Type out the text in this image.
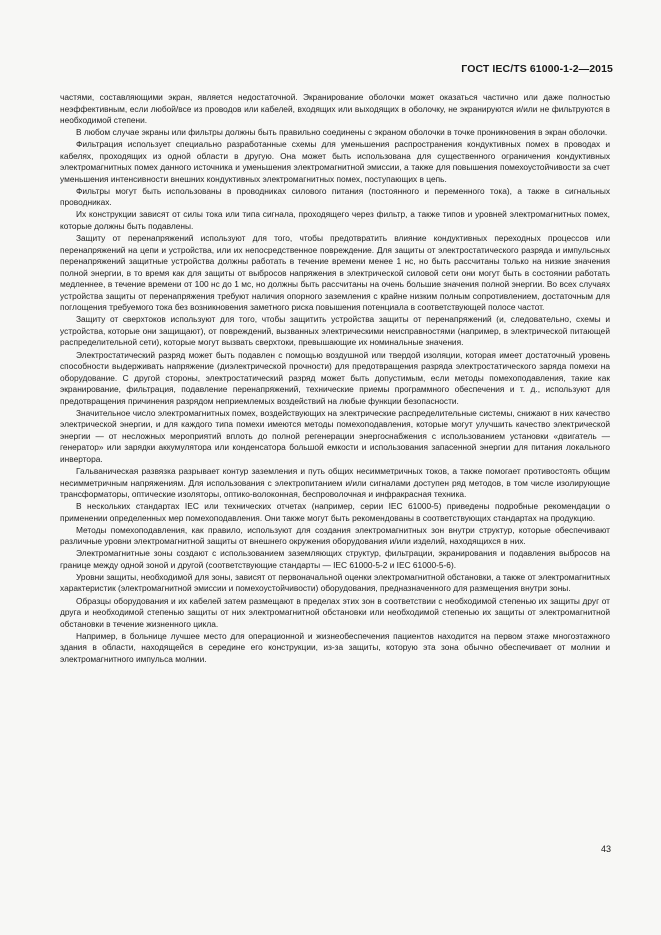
ГОСТ IEC/TS 61000-1-2—2015

частями, составляющими экран, является недостаточной. Экранирование оболочки может оказаться частично или даже полностью неэффективным, если любой/все из проводов или кабелей, входящих или выходящих в оболочку, не экранируются и/или не фильтруются в необходимой степени.

В любом случае экраны или фильтры должны быть правильно соединены с экраном оболочки в точке проникновения в экран оболочки.

Фильтрация использует специально разработанные схемы для уменьшения распространения кондуктивных помех в проводах и кабелях, проходящих из одной области в другую. Она может быть использована для существенного ограничения кондуктивных электромагнитных помех данного источника и уменьшения электромагнитной эмиссии, а также для повышения помехоустойчивости за счет уменьшения интенсивности внешних кондуктивных электромагнитных помех, поступающих в цепь.

Фильтры могут быть использованы в проводниках силового питания (постоянного и переменного тока), а также в сигнальных проводниках.

Их конструкции зависят от силы тока или типа сигнала, проходящего через фильтр, а также типов и уровней электромагнитных помех, которые должны быть подавлены.

Защиту от перенапряжений используют для того, чтобы предотвратить влияние кондуктивных переходных процессов или перенапряжений на цепи и устройства, или их непосредственное повреждение. Для защиты от электростатического разряда и импульсных перенапряжений защитные устройства должны работать в течение времени менее 1 нс, но быть рассчитаны только на низкие значения полной энергии, в то время как для защиты от выбросов напряжения в электрической силовой сети они могут быть в состоянии работать медленнее, в течение времени от 100 нс до 1 мс, но должны быть рассчитаны на очень большие значения полной энергии. Во всех случаях устройства защиты от перенапряжения требуют наличия опорного заземления с крайне низким полным сопротивлением, достаточным для поглощения требуемого тока без возникновения заметного риска повышения потенциала в соответствующей полосе частот.

Защиту от сверхтоков используют для того, чтобы защитить устройства защиты от перенапряжений (и, следовательно, схемы и устройства, которые они защищают), от повреждений, вызванных электрическими неисправностями (например, в электрической питающей распределительной сети), которые могут вызвать сверхтоки, превышающие их номинальные значения.

Электростатический разряд может быть подавлен с помощью воздушной или твердой изоляции, которая имеет достаточный уровень способности выдерживать напряжение (диэлектрической прочности) для предотвращения разряда электростатического заряда помехи на оборудование. С другой стороны, электростатический разряд может быть допустимым, если методы помехоподавления, такие как экранирование, фильтрация, подавление перенапряжений, технические приемы программного обеспечения и т. д., используют для предотвращения причинения разрядом неприемлемых воздействий на любые функции безопасности.

Значительное число электромагнитных помех, воздействующих на электрические распределительные системы, снижают в них качество электрической энергии, и для каждого типа помехи имеются методы помехоподавления, которые могут улучшить качество электрической энергии — от несложных мероприятий вплоть до полной регенерации энергоснабжения с использованием установки «двигатель — генератор» или зарядки аккумулятора или конденсатора большой емкости и использования запасенной энергии для питания локального инвертора.

Гальваническая развязка разрывает контур заземления и путь общих несимметричных токов, а также помогает противостоять общим несимметричным напряжениям. Для использования с электропитанием и/или сигналами доступен ряд методов, в том числе изолирующие трансформаторы, оптические изоляторы, оптико-волоконная, беспроволочная и инфракрасная техника.

В нескольких стандартах IEC или технических отчетах (например, серии IEC 61000-5) приведены подробные рекомендации о применении определенных мер помехоподавления. Они также могут быть рекомендованы в соответствующих стандартах на продукцию.

Методы помехоподавления, как правило, используют для создания электромагнитных зон внутри структур, которые обеспечивают различные уровни электромагнитной защиты от внешнего окружения оборудования и/или изделий, находящихся в них.

Электромагнитные зоны создают с использованием заземляющих структур, фильтрации, экранирования и подавления выбросов на границе между одной зоной и другой (соответствующие стандарты — IEC 61000-5-2 и IEC 61000-5-6).

Уровни защиты, необходимой для зоны, зависят от первоначальной оценки электромагнитной обстановки, а также от электромагнитных характеристик (электромагнитной эмиссии и помехоустойчивости) оборудования, предназначенного для размещения внутри зоны.

Образцы оборудования и их кабелей затем размещают в пределах этих зон в соответствии с необходимой степенью их защиты друг от друга и необходимой степенью защиты от них электромагнитной обстановки или необходимой степенью их защиты от электромагнитной обстановки в течение жизненного цикла.

Например, в больнице лучшее место для операционной и жизнеобеспечения пациентов находится на первом этаже многоэтажного здания в области, находящейся в середине его конструкции, из-за защиты, которую эта зона обычно обеспечивает от молнии и электромагнитного импульса молнии.

43
